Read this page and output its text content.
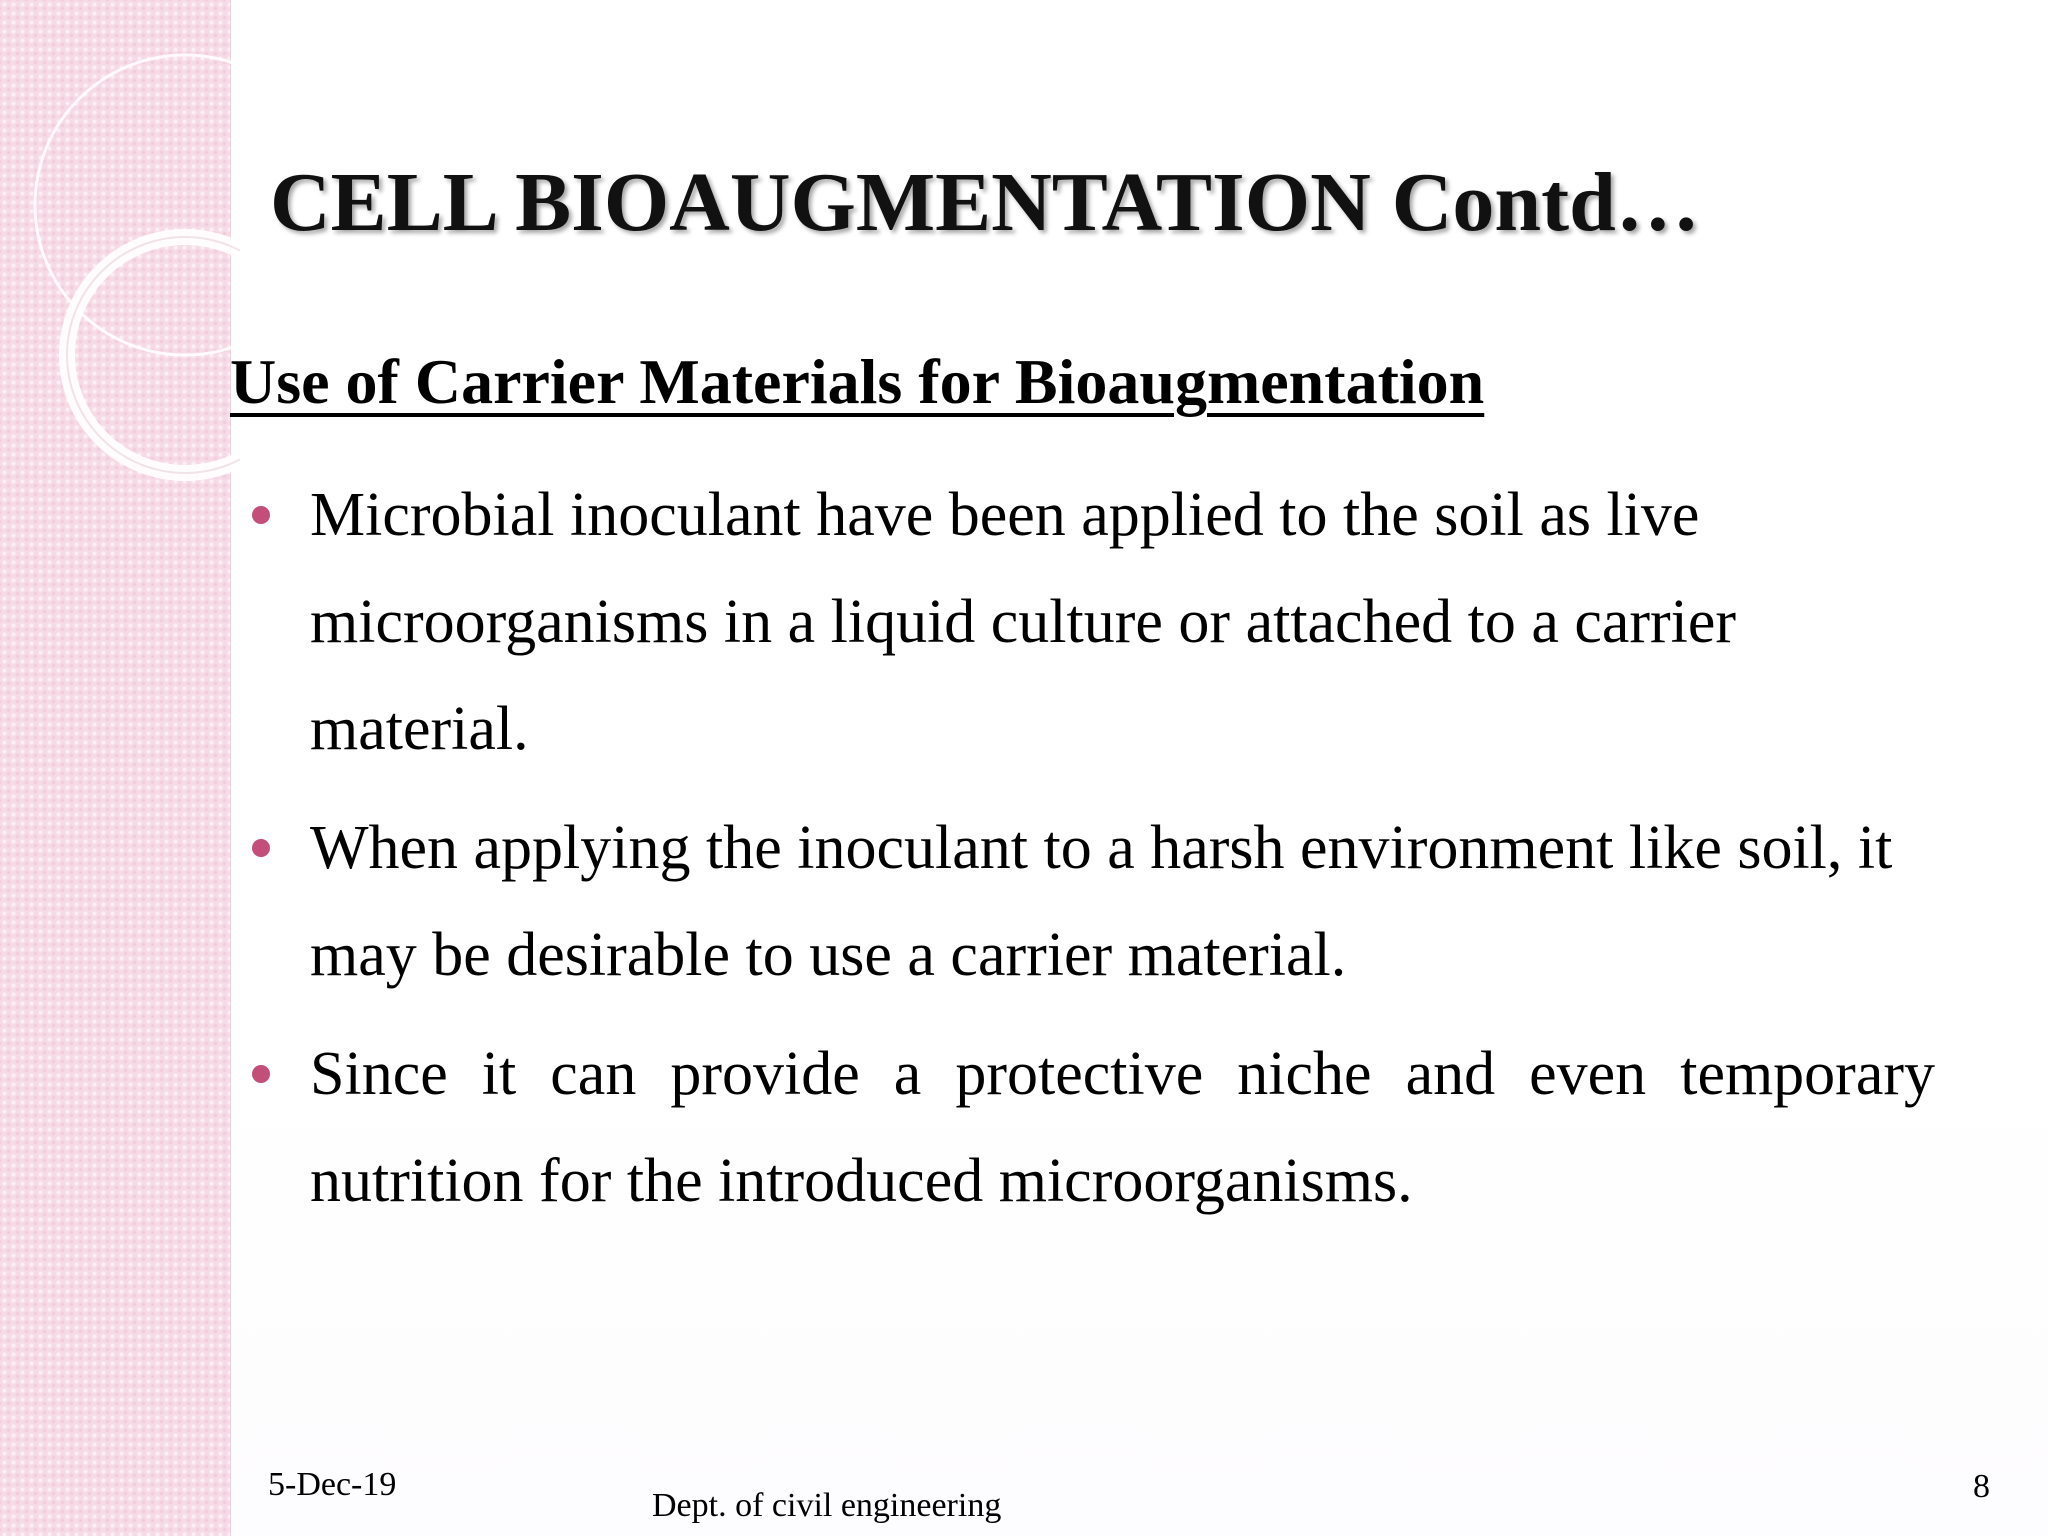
CELL BIOAUGMENTATION Contd…
Use of Carrier Materials for Bioaugmentation
Microbial inoculant have been applied to the soil as live microorganisms in a liquid culture or attached to a carrier material.
When applying the inoculant to a harsh environment like soil, it may be desirable to use a carrier material.
Since it can provide a protective niche and even temporary nutrition for the introduced microorganisms.
5-Dec-19
Dept. of civil engineering
8
